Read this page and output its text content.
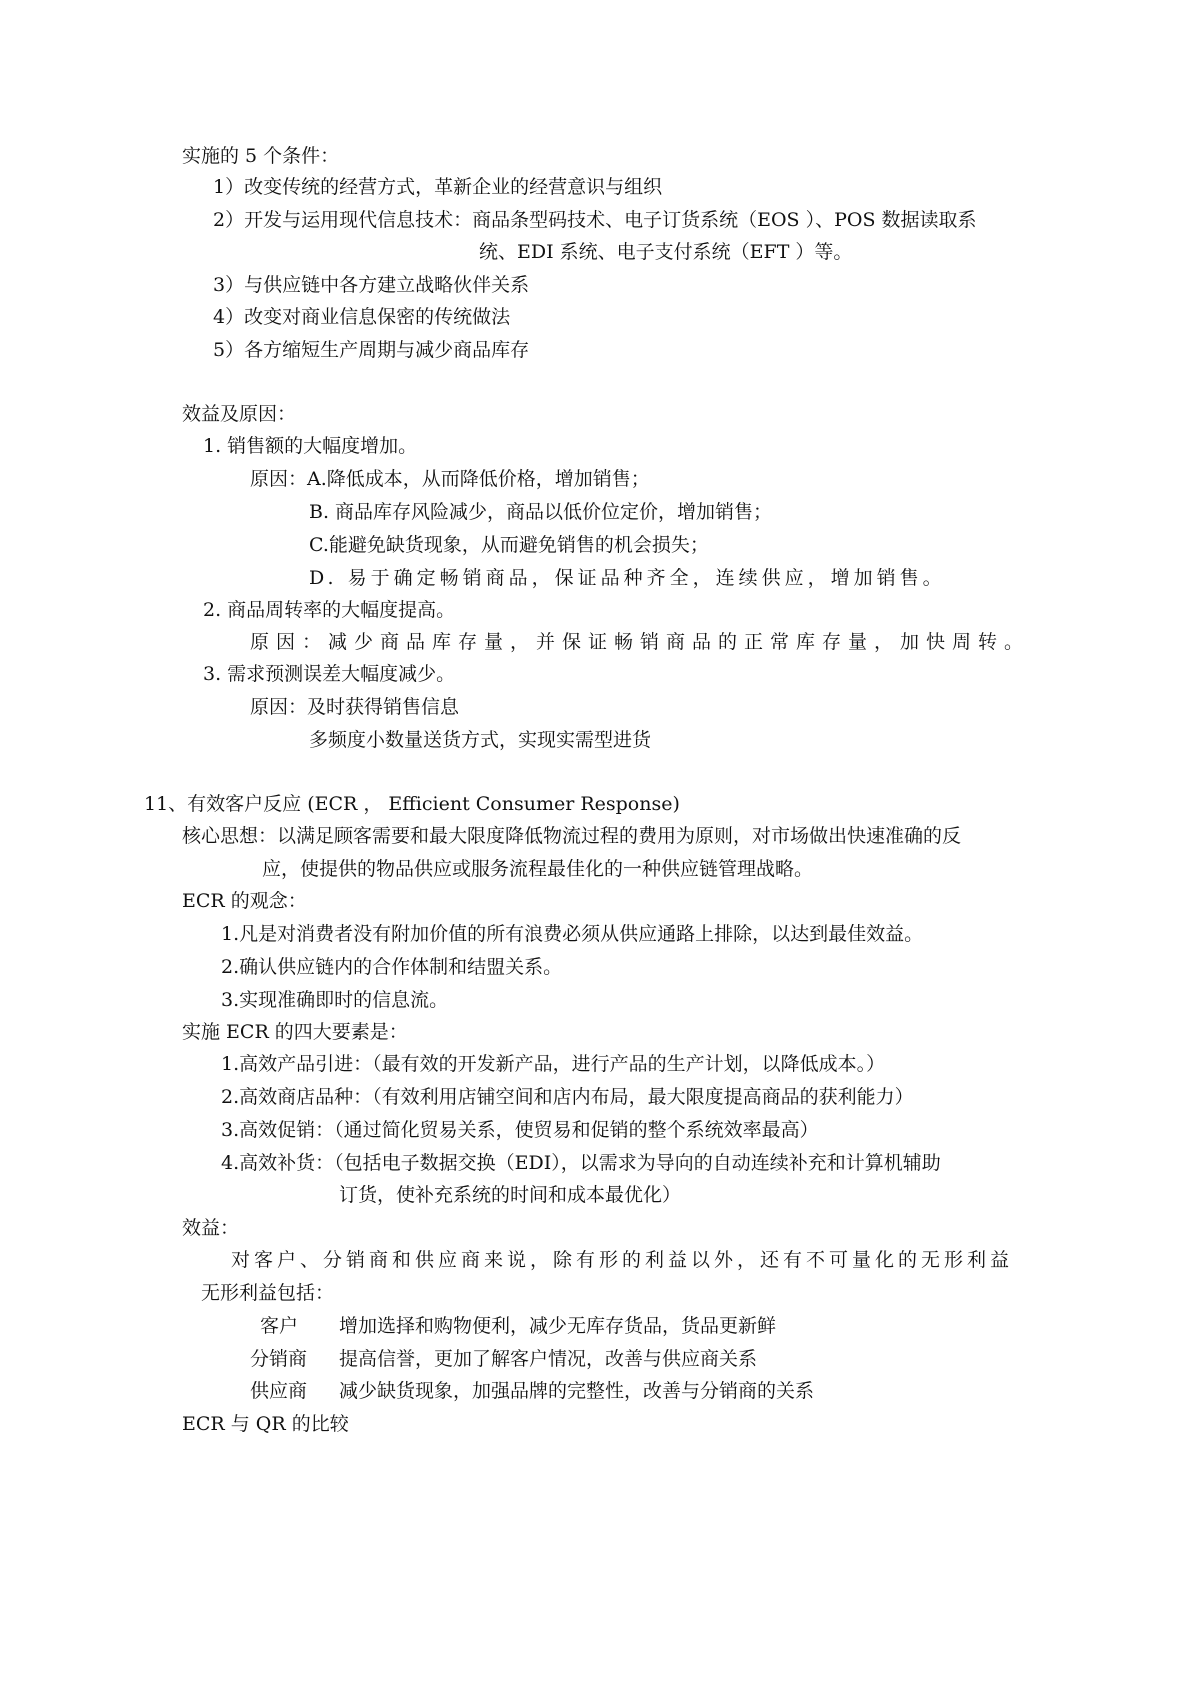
实施的 5 个条件：
1）改变传统的经营方式，革新企业的经营意识与组织
2）开发与运用现代信息技术：商品条型码技术、电子订货系统（EOS ）、POS 数据读取系
统、EDI 系统、电子支付系统（EFT ）等。
3）与供应链中各方建立战略伙伴关系
4）改变对商业信息保密的传统做法
5）各方缩短生产周期与减少商品库存
效益及原因：
1. 销售额的大幅度增加。
原因：A.降低成本，从而降低价格，增加销售；
B. 商品库存风险减少，商品以低价位定价，增加销售；
C.能避免缺货现象，从而避免销售的机会损失；
D. 易于确定畅销商品，保证品种齐全，连续供应，增加销售。
2. 商品周转率的大幅度提高。
原因：减少商品库存量，并保证畅销商品的正常库存量，加快周转。
3. 需求预测误差大幅度减少。
原因：及时获得销售信息
多频度小数量送货方式，实现实需型进货
11、有效客户反应 (ECR ， Efficient Consumer Response)
核心思想：以满足顾客需要和最大限度降低物流过程的费用为原则，对市场做出快速准确的反
应，使提供的物品供应或服务流程最佳化的一种供应链管理战略。
ECR 的观念：
1.凡是对消费者没有附加价值的所有浪费必须从供应通路上排除，以达到最佳效益。
2.确认供应链内的合作体制和结盟关系。
3.实现准确即时的信息流。
实施 ECR 的四大要素是：
1.高效产品引进：（最有效的开发新产品，进行产品的生产计划，以降低成本。）
2.高效商店品种：（有效利用店铺空间和店内布局，最大限度提高商品的获利能力）
3.高效促销：（通过简化贸易关系，使贸易和促销的整个系统效率最高）
4.高效补货：（包括电子数据交换（EDI），以需求为导向的自动连续补充和计算机辅助
订货，使补充系统的时间和成本最优化）
效益：
对客户、分销商和供应商来说，除有形的利益以外，还有不可量化的无形利益
无形利益包括：
客户 增加选择和购物便利，减少无库存货品，货品更新鲜
分销商 提高信誉，更加了解客户情况，改善与供应商关系
供应商 减少缺货现象，加强品牌的完整性，改善与分销商的关系
ECR 与 QR 的比较
